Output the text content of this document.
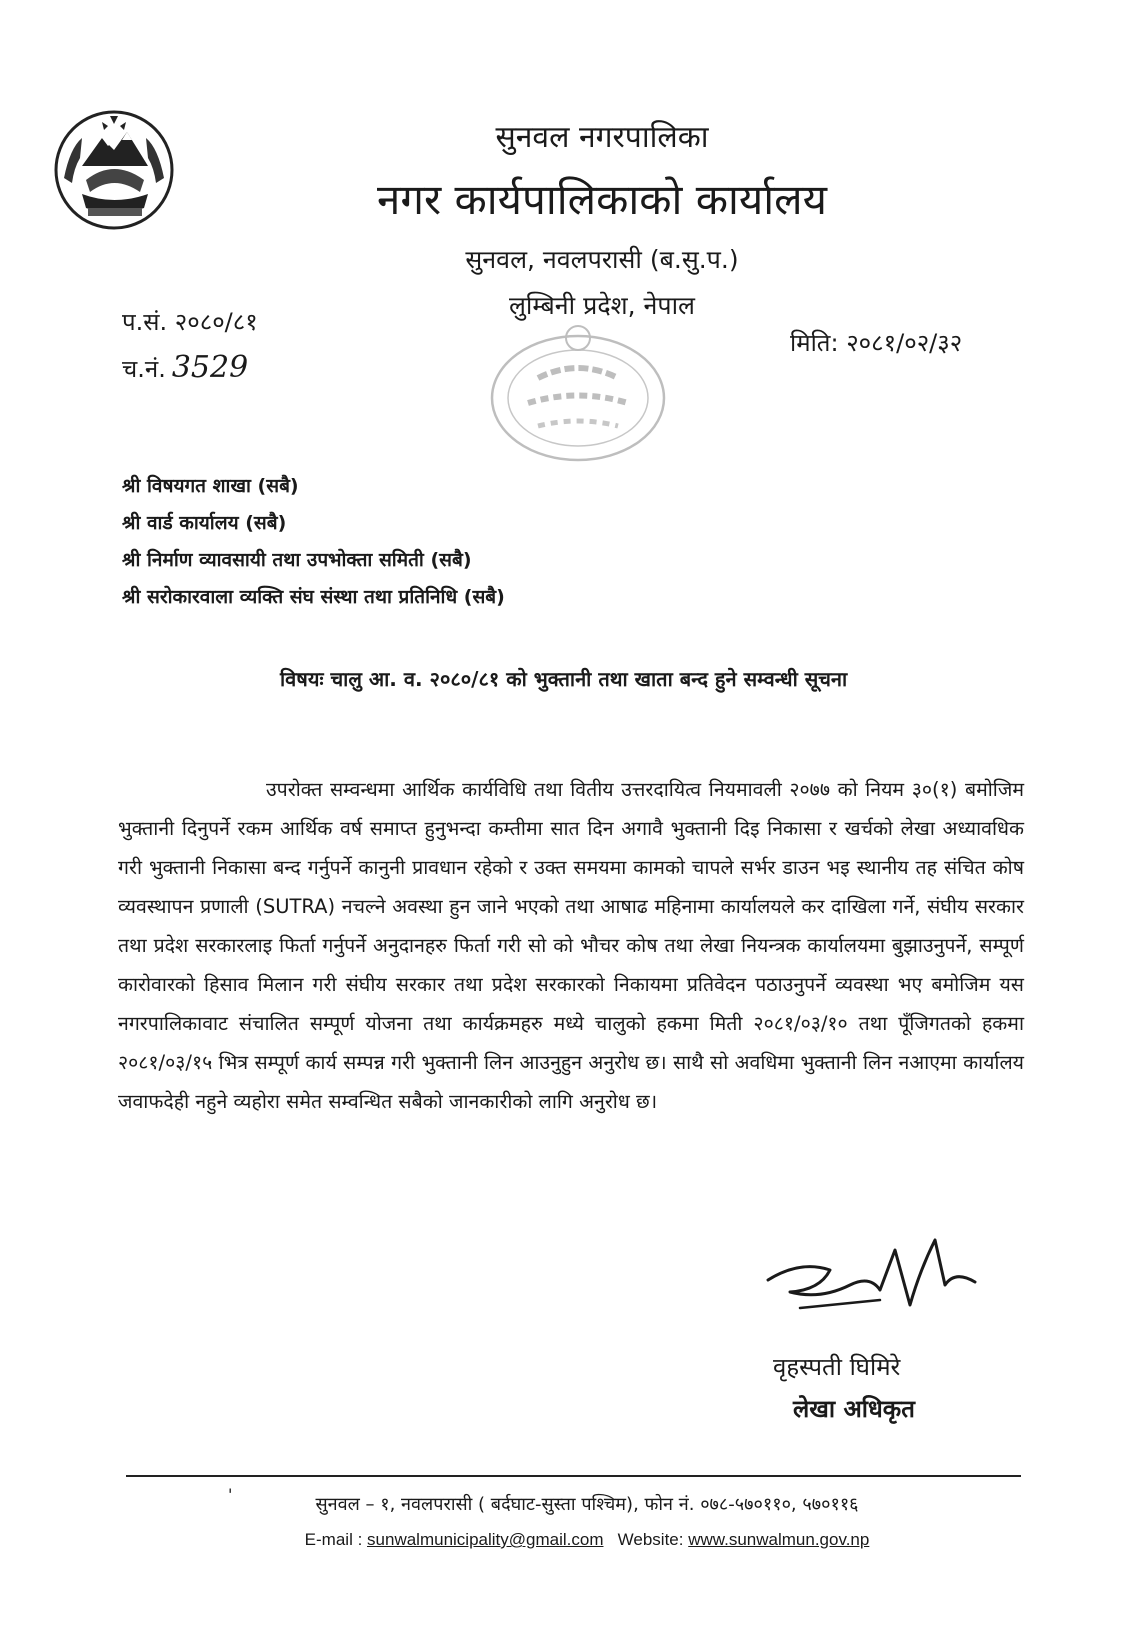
सुनवल नगरपालिका
नगर कार्यपालिकाको कार्यालय
सुनवल, नवलपरासी (ब.सु.प.)
लुम्बिनी प्रदेश, नेपाल
प.सं. २०८०/८१
च.नं. 3529
मिति: २०८१/०२/३२
श्री विषयगत शाखा (सबै)
श्री वार्ड कार्यालय (सबै)
श्री निर्माण व्यावसायी तथा उपभोक्ता समिती (सबै)
श्री सरोकारवाला व्यक्ति संघ संस्था तथा प्रतिनिधि (सबै)
विषयः चालु आ. व. २०८०/८१ को भुक्तानी तथा खाता बन्द हुने सम्वन्धी सूचना
उपरोक्त सम्वन्धमा आर्थिक कार्यविधि तथा वितीय उत्तरदायित्व नियमावली २०७७ को नियम ३०(१) बमोजिम भुक्तानी दिनुपर्ने रकम आर्थिक वर्ष समाप्त हुनुभन्दा कम्तीमा सात दिन अगावै भुक्तानी दिइ निकासा र खर्चको लेखा अध्यावधिक गरी भुक्तानी निकासा बन्द गर्नुपर्ने कानुनी प्रावधान रहेको र उक्त समयमा कामको चापले सर्भर डाउन भइ स्थानीय तह संचित कोष व्यवस्थापन प्रणाली (SUTRA) नचल्ने अवस्था हुन जाने भएको तथा आषाढ महिनामा कार्यालयले कर दाखिला गर्ने, संघीय सरकार तथा प्रदेश सरकारलाइ फिर्ता गर्नुपर्ने अनुदानहरु फिर्ता गरी सो को भौचर कोष तथा लेखा नियन्त्रक कार्यालयमा बुझाउनुपर्ने, सम्पूर्ण कारोवारको हिसाव मिलान गरी संघीय सरकार तथा प्रदेश सरकारको निकायमा प्रतिवेदन पठाउनुपर्ने व्यवस्था भए बमोजिम यस नगरपालिकावाट संचालित सम्पूर्ण योजना तथा कार्यक्रमहरु मध्ये चालुको हकमा मिती २०८१/०३/१० तथा पूँजिगतको हकमा २०८१/०३/१५ भित्र सम्पूर्ण कार्य सम्पन्न गरी भुक्तानी लिन आउनुहुन अनुरोध छ। साथै सो अवधिमा भुक्तानी लिन नआएमा कार्यालय जवाफदेही नहुने व्यहोरा समेत सम्वन्धित सबैको जानकारीको लागि अनुरोध छ।
वृहस्पती घिमिरे
लेखा अधिकृत
'	सुनवल – १, नवलपरासी ( बर्दघाट-सुस्ता पश्चिम), फोन नं. ०७८-५७०११०, ५७०११६
E-mail : sunwalmunicipality@gmail.com Website: www.sunwalmun.gov.np
